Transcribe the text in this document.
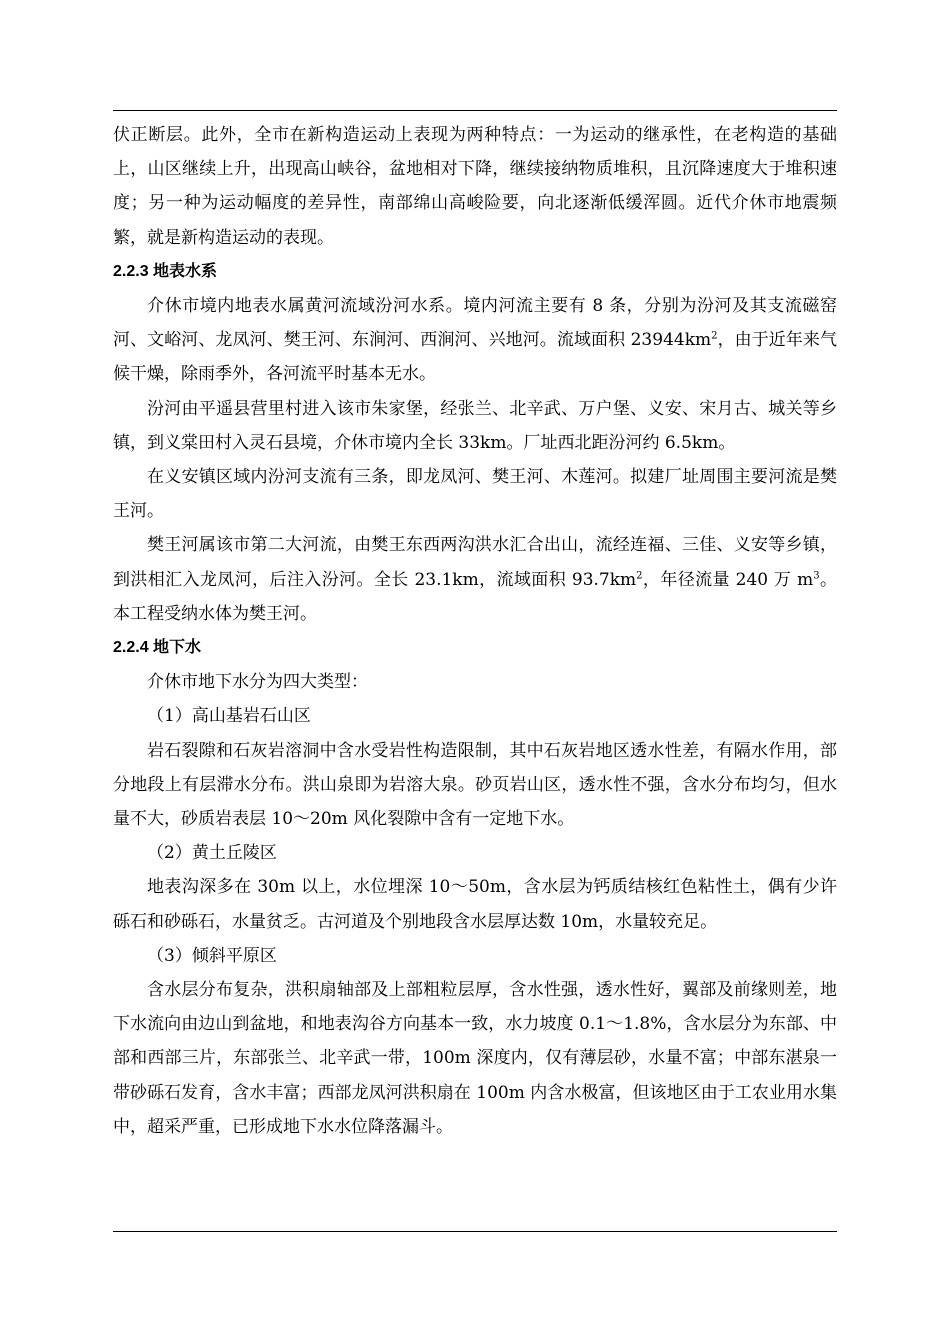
伏正断层。此外，全市在新构造运动上表现为两种特点：一为运动的继承性，在老构造的基础上，山区继续上升，出现高山峡谷，盆地相对下降，继续接纳物质堆积，且沉降速度大于堆积速度；另一种为运动幅度的差异性，南部绵山高峻险要，向北逐渐低缓浑圆。近代介休市地震频繁，就是新构造运动的表现。

2.2.3 地表水系

介休市境内地表水属黄河流域汾河水系。境内河流主要有 8 条，分别为汾河及其支流磁窑河、文峪河、龙凤河、樊王河、东涧河、西涧河、兴地河。流域面积 $23944km^2$，由于近年来气候干燥，除雨季外，各河流平时基本无水。

汾河由平遥县营里村进入该市朱家堡，经张兰、北辛武、万户堡、义安、宋月古、城关等乡镇，到义棠田村入灵石县境，介休市境内全长 33km。厂址西北距汾河约 6.5km。

在义安镇区域内汾河支流有三条，即龙凤河、樊王河、木莲河。拟建厂址周围主要河流是樊王河。

樊王河属该市第二大河流，由樊王东西两沟洪水汇合出山，流经连福、三佳、义安等乡镇，到洪相汇入龙凤河，后注入汾河。全长 23.1km，流域面积 $93.7km^2$，年径流量 240 万 $m^3$。本工程受纳水体为樊王河。

2.2.4 地下水

介休市地下水分为四大类型：

（1）高山基岩石山区

岩石裂隙和石灰岩溶洞中含水受岩性构造限制，其中石灰岩地区透水性差，有隔水作用，部分地段上有层滞水分布。洪山泉即为岩溶大泉。砂页岩山区，透水性不强，含水分布均匀，但水量不大，砂质岩表层 10～20m 风化裂隙中含有一定地下水。

（2）黄土丘陵区

地表沟深多在 30m 以上，水位埋深 10～50m，含水层为钙质结核红色粘性土，偶有少许砾石和砂砾石，水量贫乏。古河道及个别地段含水层厚达数 10m，水量较充足。

（3）倾斜平原区

含水层分布复杂，洪积扇轴部及上部粗粒层厚，含水性强，透水性好，翼部及前缘则差，地下水流向由边山到盆地，和地表沟谷方向基本一致，水力坡度 0.1～1.8%，含水层分为东部、中部和西部三片，东部张兰、北辛武一带，100m 深度内，仅有薄层砂，水量不富；中部东湛泉一带砂砾石发育，含水丰富；西部龙凤河洪积扇在 100m 内含水极富，但该地区由于工农业用水集中，超采严重，已形成地下水水位降落漏斗。
